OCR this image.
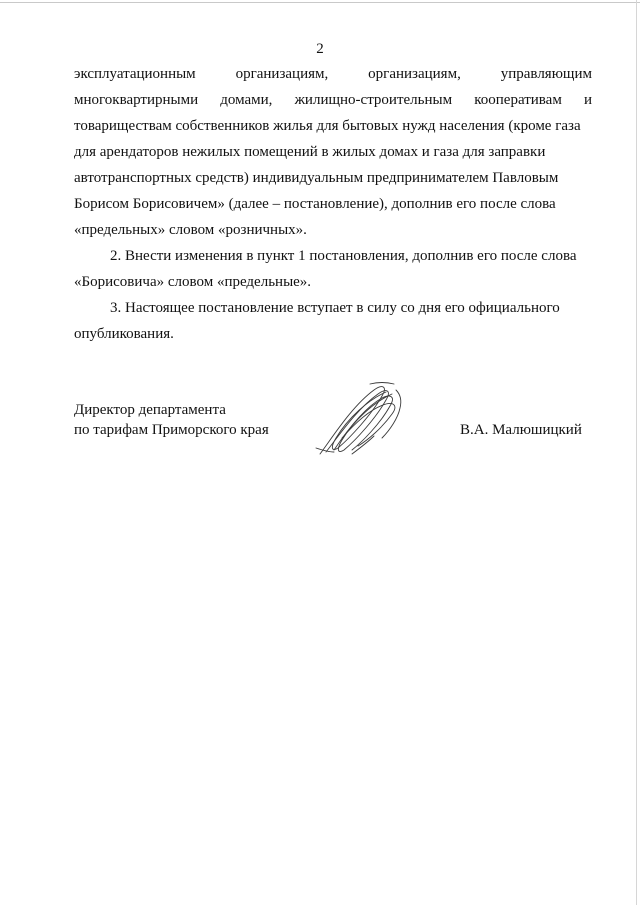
2
эксплуатационным	организациям,	организациям,	управляющим
многоквартирными домами, жилищно-строительным кооперативам и
товариществам собственников жилья для бытовых нужд населения (кроме газа
для арендаторов нежилых помещений в жилых домах и газа для заправки
автотранспортных средств) индивидуальным предпринимателем Павловым
Борисом Борисовичем» (далее – постановление), дополнив его после слова
«предельных» словом «розничных».
2. Внести изменения в пункт 1 постановления, дополнив его после слова
«Борисовича» словом «предельные».
3. Настоящее постановление вступает в силу со дня его официального
опубликования.
Директор департамента
по тарифам Приморского края	В.А. Малюшицкий
